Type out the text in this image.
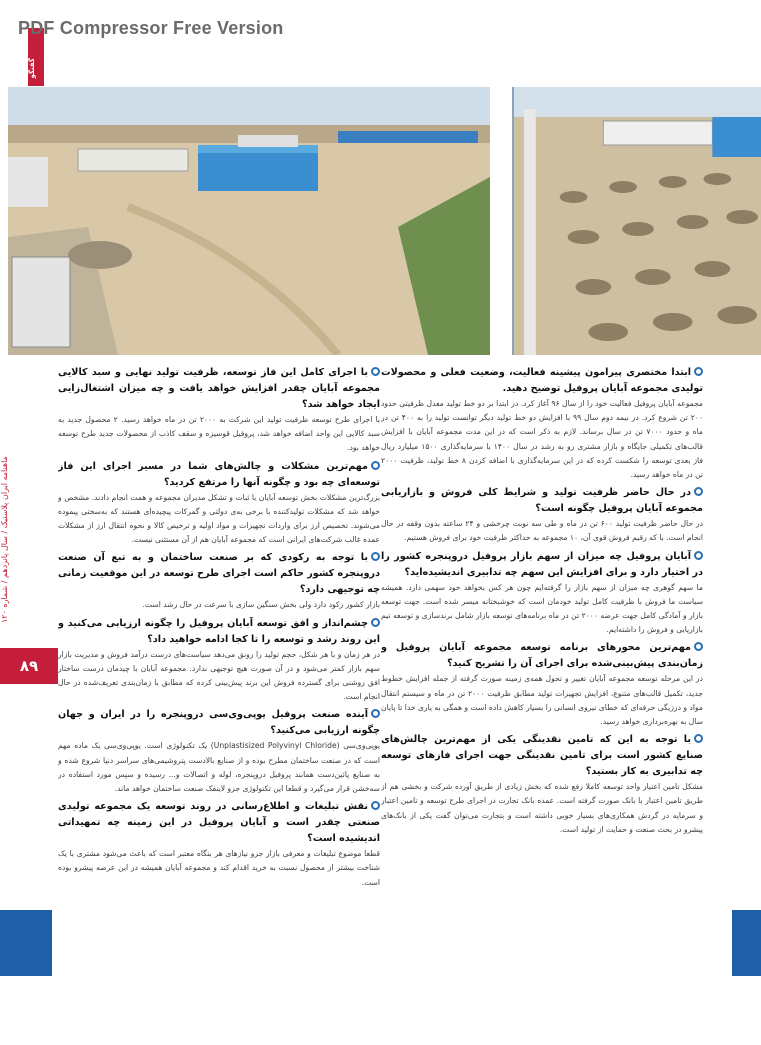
PDF Compressor Free Version
گفتگو
ماهنامه ایران پلاستیک / سال پانزدهم / شماره ۱۲۰
۸۹
ابتدا مختصری پیرامون پیشینه فعالیت، وضعیت فعلی و محصولات تولیدی مجموعه آبایان پروفیل توضیح دهید.
مجموعه آبایان پروفیل فعالیت خود را از سال ۹۶ آغاز کرد. در ابتدا بر دو خط تولید معدل ظرفیتی حدود ۲۰۰ تن شروع کرد. در نیمه دوم سال ۹۹ با افزایش دو خط تولید دیگر توانست تولید را به ۴۰۰ تن در ماه و حدود ۷۰۰۰ تن در سال برساند. لازم به ذکر است که در این مدت مجموعه آبایان با افزایش قالب‌های تکمیلی جایگاه و بازار مشتری رو به رشد در سال ۱۴۰۰ با سرمایه‌گذاری ۱۵۰۰ میلیارد ریال فاز بعدی توسعه را شکست کرده که در این سرمایه‌گذاری با اضافه کردن ۸ خط تولید، ظرفیت ۲۰۰۰ تن در ماه خواهد رسید.
در حال حاضر ظرفیت تولید و شرایط کلی فروش و بازاریابی مجموعه آبایان پروفیل چگونه است؟
در حال حاضر ظرفیت تولید ۶۰۰ تن در ماه و طی سه نوبت چرخشی و ۲۴ ساعته بدون وقفه در حال انجام است. با که رقیم فروش قوی آن، ۱۰ مجموعه به حداکثر ظرفیت خود برای فروش هستیم.
آبایان پروفیل چه میزان از سهم بازار پروفیل درو‌پنجره کشور را در اختیار دارد و برای افزایش این سهم چه تدابیری اندیشیده‌اید؟
ما سهم گوهری چه میزان از سهم بازار را گرفته‌ایم چون هر کس بخواهد خود سهمی دارد. همیشه سیاست ما فروش با ظرفیت کامل تولید خودمان است که خوشبختانه میسر شده است. جهت توسعه بازار و آمادگی کامل جهت عرضه ۲۰۰۰ تن در ماه برنامه‌های توسعه بازار شامل برندسازی و توسعه تیم بازاریابی و فروش را داشته‌ایم.
مهم‌ترین محورهای برنامه توسعه مجموعه آبایان پروفیل و زمان‌بندی پیش‌بینی‌شده برای اجرای آن را تشریح کنید؟
در این مرحله توسعه مجموعه آبایان تغییر و تحول همه‌ی زمینه صورت گرفته از جمله افزایش خطوط جدید، تکمیل قالب‌های متنوع، افزایش تجهیزات تولید مطابق ظرفیت ۲۰۰۰ تن در ماه و سیستم انتقال مواد و درزیگی حرفه‌ای که خطای نیروی انسانی را بسیار کاهش داده است و همگی به یاری خدا تا پایان سال به بهره‌برداری خواهد رسید.
با توجه به این که تامین نقدینگی یکی از مهم‌ترین چالش‌های صنایع کشور است برای تامین نقدینگی جهت اجرای فازهای توسعه چه تدابیری به کار بستید؟
مشکل تامین اعتبار واحد توسعه کاملا رفع شده که بخش زیادی از طریق آورده شرکت و بخشی هم از طریق تامین اعتبار با بانک صورت گرفته است. عمده بانک تجارت در اجرای طرح توسعه و تامین اعتبار و سرمایه در گردش همکاری‌های بسیار خوبی داشته است و بتجارت می‌توان گفت یکی از بانک‌های پیشرو در بحث صنعت و حمایت از تولید است.
با اجرای کامل این فاز توسعه، ظرفیت تولید نهایی و سبد کالایی مجموعه آبایان چقدر افزایش خواهد یافت و چه میزان اشتغال‌زایی ایجاد خواهد شد؟
با اجرای طرح توسعه ظرفیت تولید این شرکت به ۲۰۰۰ تن در ماه خواهد رسید. ۲ محصول جدید به سبد کالایی این واحد اضافه خواهد شد، پروفیل قوسیزه و سقف کاذب از محصولات جدید طرح توسعه خواهد بود.
مهم‌ترین مشکلات و چالش‌های شما در مسیر اجرای این فاز توسعه‌ای چه بود و چگونه آنها را مرتفع کردید؟
بزرگ‌ترین مشکلات بخش توسعه آبایان با ثبات و تشکل مدیران مجموعه و همت انجام دادند. مشخص و خواهد شد که مشکلات تولیدکننده با برخی به‌ی دولتی و گمرکات پیچیده‌ای هستند که به‌سختی پیموده می‌شوند. تخصیص ارز برای واردات تجهیزات و مواد اولیه و ترخیص کالا و نحوه انتقال ارز از مشکلات عمده غالب شرکت‌های ایرانی است که مجموعه آبایان هم از آن مستثنی نیست.
با توجه به رکودی که بر صنعت ساختمان و به تبع آن صنعت درو‌پنجره کشور حاکم است اجرای طرح توسعه در این موقعیت زمانی چه توجیهی دارد؟
بازار کشور رکود دارد ولی بخش سنگین سازی با سرعت در حال رشد است.
چشم‌انداز و افق توسعه آبایان پروفیل را چگونه ارزیابی می‌کنید و این روند رشد و توسعه را تا کجا ادامه خواهید داد؟
در هر زمان و با هر شکل، حجم تولید را رونق می‌دهد سیاست‌های درست درآمد فروش و مدیریت بازار سهم بازار کمتر می‌شود و در آن صورت هیچ توجیهی ندارد. مجموعه آبایان با چیدمان درست ساختار افق روشنی برای گسترده فروش این برند پیش‌بینی کرده که مطابق با زمان‌بندی تعریف‌شده در حال انجام است.
آینده صنعت پروفیل یوپی‌وی‌سی درو‌پنجره را در ایران و جهان چگونه ارزیابی می‌کنید؟
یوپی‌وی‌سی (Unplastisized Polyvinyl Chloride) یک تکنولوژی است. یوپی‌وی‌سی یک ماده مهم است که در صنعت ساختمان مطرح بوده و از صنایع بالادست پتروشیمی‌های سراسر دنیا شروع شده و به صنایع پائین‌دست همانند پروفیل درو‌پنجره، لوله و اتصالات و... رسیده و سپس مورد استفاده در سه‌خشن قرار می‌گیرد و قطعا این تکنولوژی جزو لاینفک صنعت ساختمان خواهد ماند.
نقش تبلیغات و اطلاع‌رسانی در روند توسعه یک مجموعه تولیدی صنعتی چقدر است و آبایان پروفیل در این زمینه چه تمهیداتی اندیشیده است؟
قطعا موضوع تبلیغات و معرفی بازار جزو نیازهای هر بنگاه معتبر است که باعث می‌شود مشتری با یک شناخت بیشتر از محصول نسبت به خرید اقدام کند و مجموعه آبایان همیشه در این عرصه پیشرو بوده است.
